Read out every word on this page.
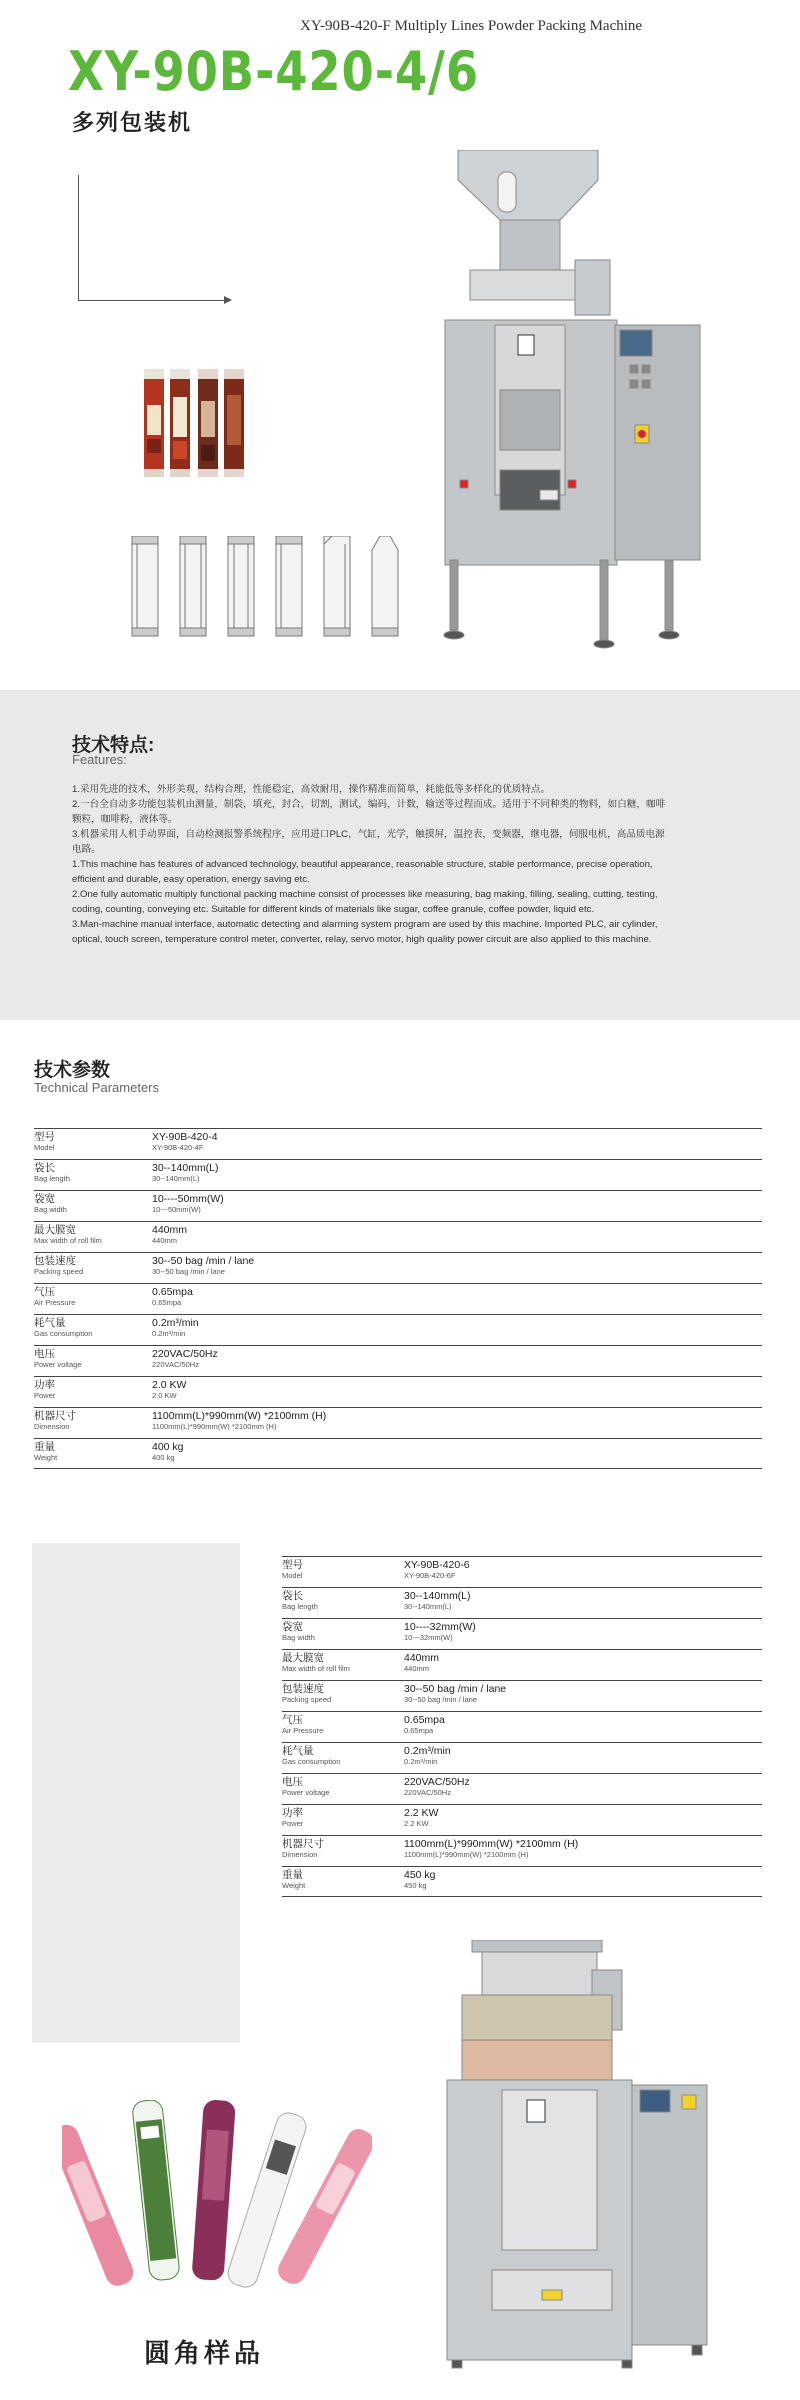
XY-90B-420-F Multiply Lines Powder Packing Machine
XY-90B-420-4/6
多列包装机
技术特点:
Features:

1.采用先进的技术，外形美观，结构合理，性能稳定，高效耐用，操作精准而简单，耗能低等多样化的优质特点。

2.一台全自动多功能包装机由测量，制袋，填充，封合，切割，测试，编码，计数，输送等过程而成。适用于不同种类的物料，如白糖，咖啡颗粒，咖啡粉，液体等。

3.机器采用人机手动界面，自动检测报警系统程序，应用进口PLC，气缸，光学，触摸屏，温控表，变频器，继电器，伺服电机，高品质电源电路。

1.This machine has features of advanced technology, beautiful appearance, reasonable structure, stable performance, precise operation, efficient and durable, easy operation, energy saving etc.

2.One fully automatic multiply functional packing machine consist of processes like measuring, bag making, filling, sealing, cutting, testing, coding, counting, conveying etc. Suitable for different kinds of materials like sugar, coffee granule, coffee powder, liquid etc.

3.Man-machine manual interface, automatic detecting and alarming system program are used by this machine. Imported PLC, air cylinder, optical, touch screen, temperature control meter, converter, relay, servo motor, high quality power circuit are also applied to this machine.

技术参数
Technical Parameters
型号
Model
XY-90B-420-4
XY-90B-420-4F
袋长
Bag length
30--140mm(L)
30--140mm(L)
袋宽
Bag width
10----50mm(W)
10---50mm(W)
最大膜宽
Max width of roll film
440mm
440mm
包装速度
Packing speed
30--50 bag /min / lane
30--50 bag /min / lane
气压
Air Pressure
0.65mpa
0.65mpa
耗气量
Gas consumption
0.2m³/min
0.2m³/min
电压
Power voltage
220VAC/50Hz
220VAC/50Hz
功率
Power
2.0 KW
2.0 KW
机器尺寸
Dimension
1100mm(L)*990mm(W) *2100mm (H)
1100mm(L)*990mm(W) *2100mm (H)
重量
Weight
400 kg
400 kg
型号
Model
XY-90B-420-6
XY-90B-420-6F
袋长
Bag length
30--140mm(L)
30--140mm(L)
袋宽
Bag width
10----32mm(W)
10---32mm(W)
最大膜宽
Max width of roll film
440mm
440mm
包装速度
Packing speed
30--50 bag /min / lane
30--50 bag /min / lane
气压
Air Pressure
0.65mpa
0.65mpa
耗气量
Gas consumption
0.2m³/min
0.2m³/min
电压
Power voltage
220VAC/50Hz
220VAC/50Hz
功率
Power
2.2 KW
2.2 KW
机器尺寸
Dimension
1100mm(L)*990mm(W) *2100mm (H)
1100mm(L)*990mm(W) *2100mm (H)
重量
Weight
450 kg
450 kg
圆角样品
